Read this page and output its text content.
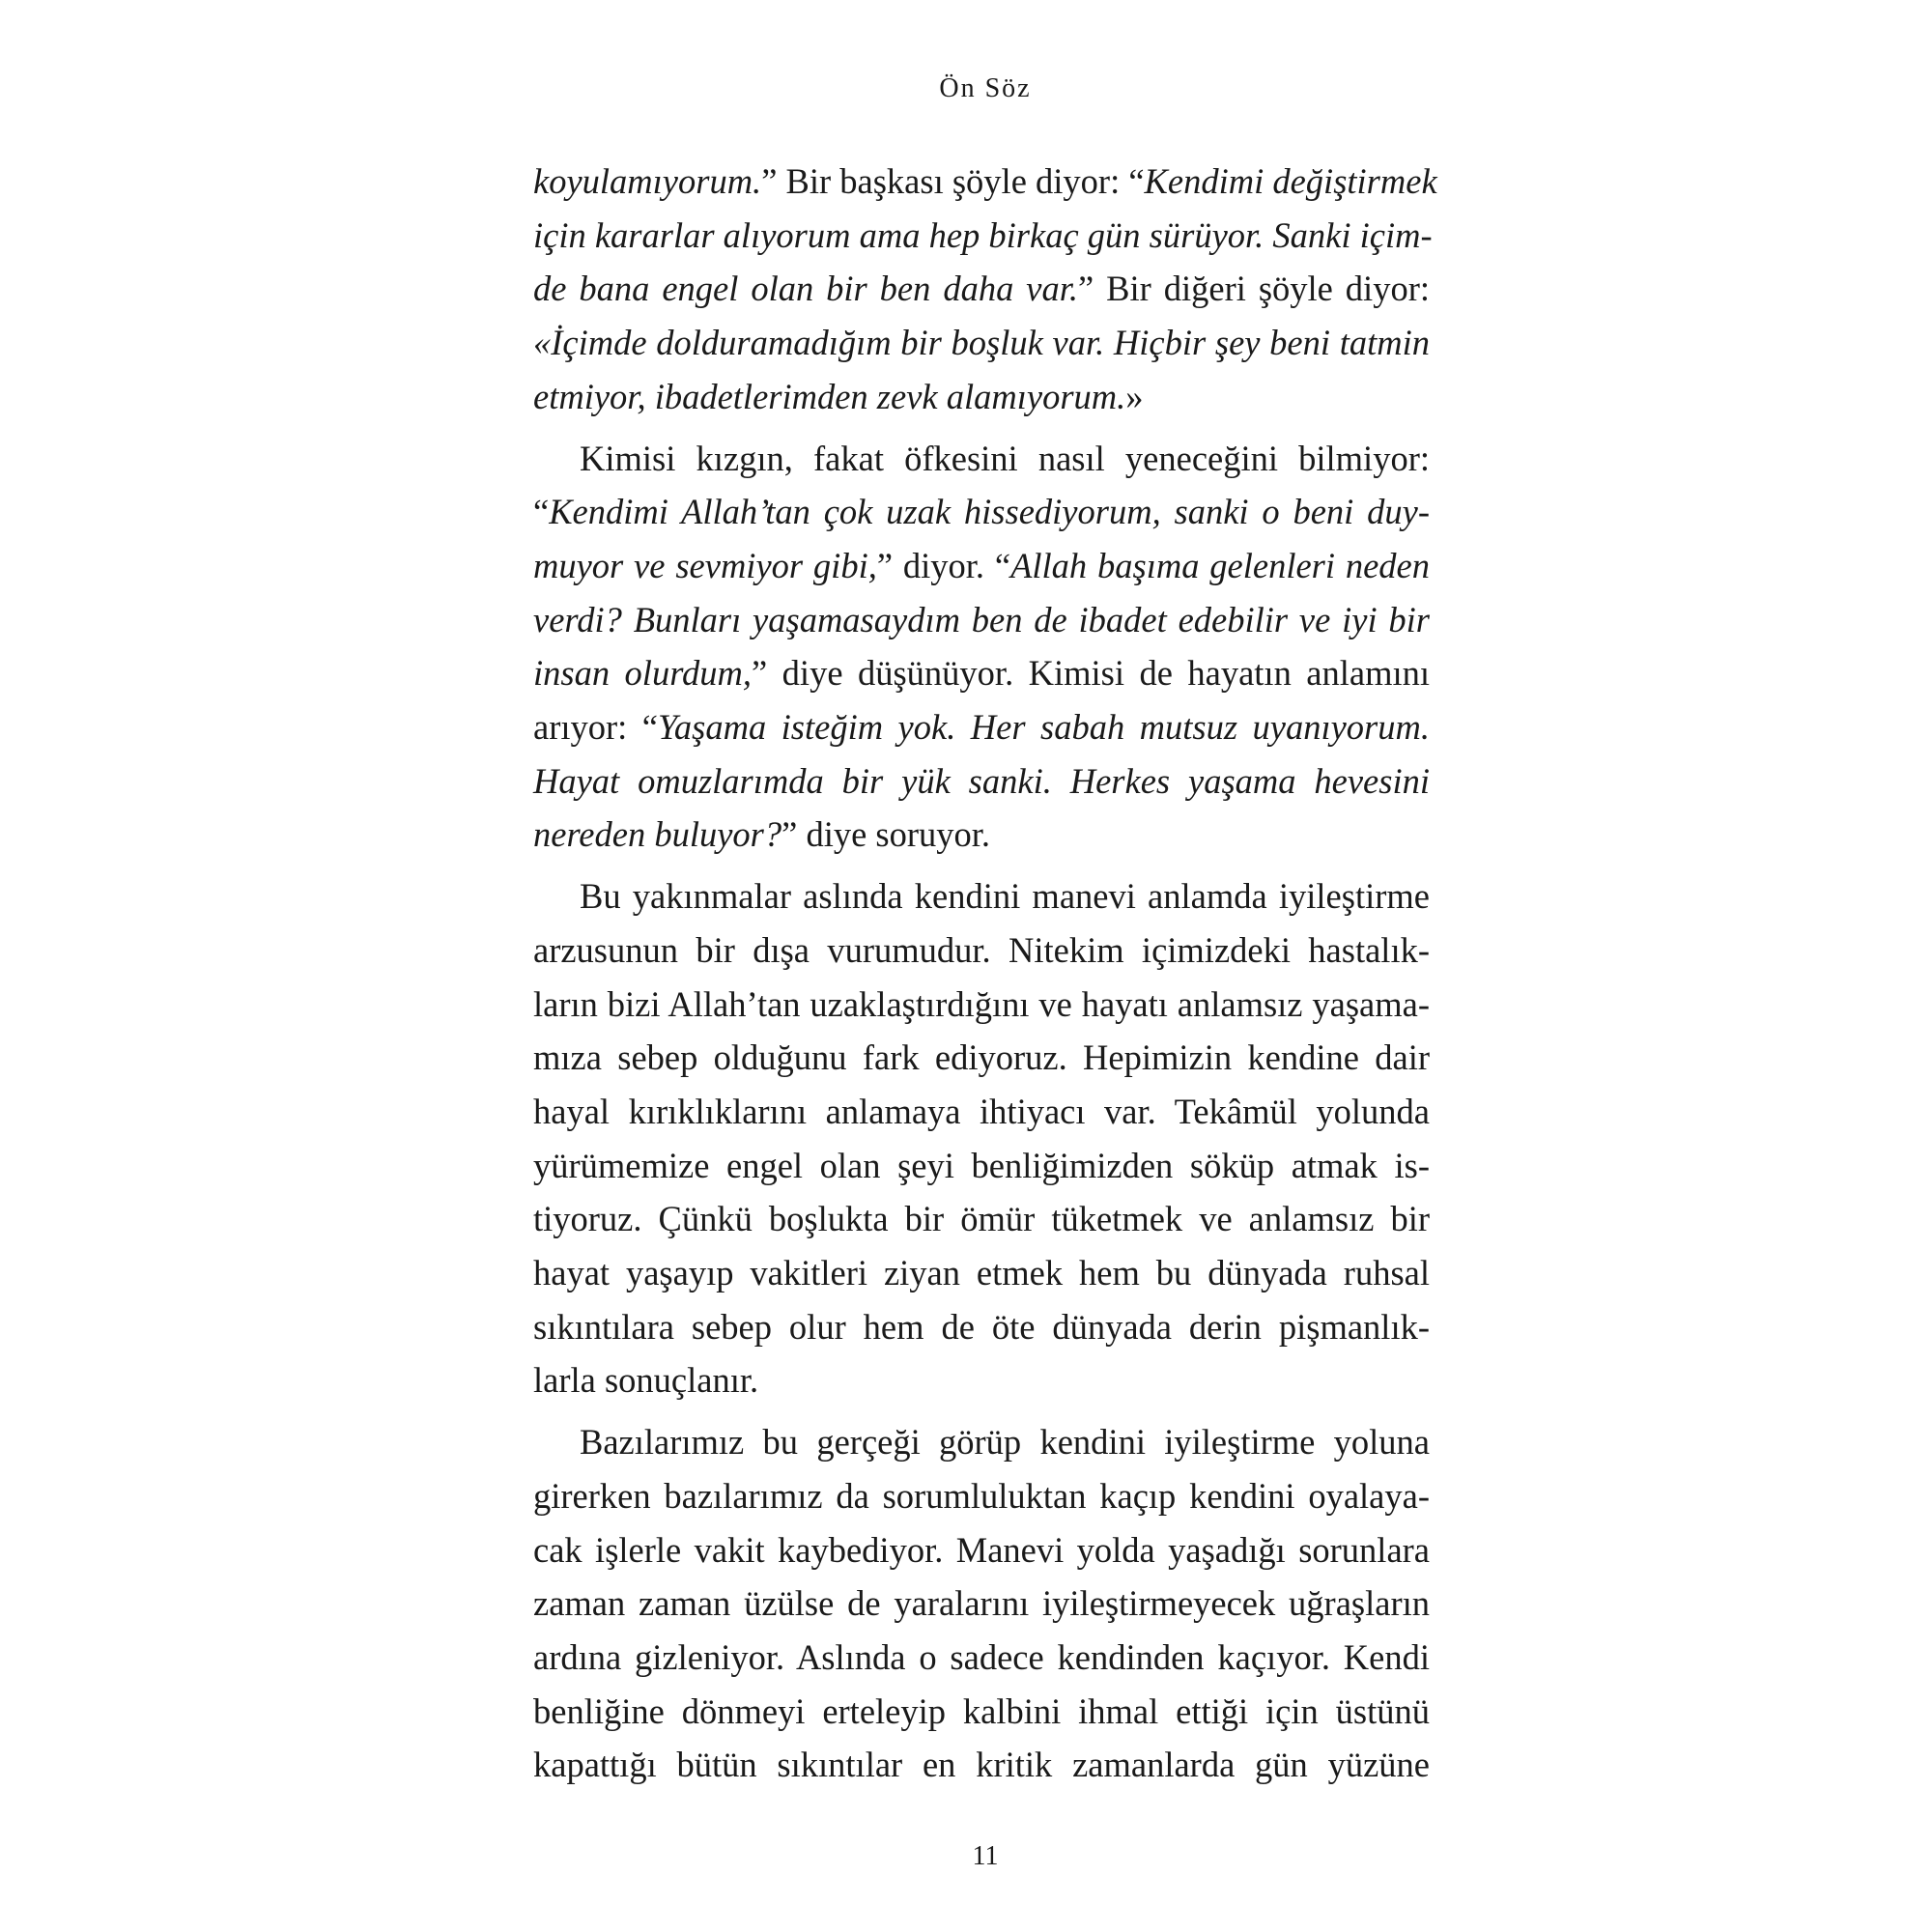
Ön Söz
koyulamıyorum.” Bir başkası şöyle diyor: “Kendimi değiştirmek
için kararlar alıyorum ama hep birkaç gün sürüyor. Sanki içim-
de bana engel olan bir ben daha var.” Bir diğeri şöyle diyor:
«İçimde dolduramadığım bir boşluk var. Hiçbir şey beni tatmin
etmiyor, ibadetlerimden zevk alamıyorum.»
Kimisi kızgın, fakat öfkesini nasıl yeneceğini bilmiyor:
“Kendimi Allah’tan çok uzak hissediyorum, sanki o beni duy-
muyor ve sevmiyor gibi,” diyor. “Allah başıma gelenleri neden
verdi? Bunları yaşamasaydım ben de ibadet edebilir ve iyi bir
insan olurdum,” diye düşünüyor. Kimisi de hayatın anlamını
arıyor: “Yaşama isteğim yok. Her sabah mutsuz uyanıyorum.
Hayat omuzlarımda bir yük sanki. Herkes yaşama hevesini
nereden buluyor?” diye soruyor.
Bu yakınmalar aslında kendini manevi anlamda iyileştirme
arzusunun bir dışa vurumudur. Nitekim içimizdeki hastalık-
ların bizi Allah’tan uzaklaştırdığını ve hayatı anlamsız yaşama-
mıza sebep olduğunu fark ediyoruz. Hepimizin kendine dair
hayal kırıklıklarını anlamaya ihtiyacı var. Tekâmül yolunda
yürümemize engel olan şeyi benliğimizden söküp atmak is-
tiyoruz. Çünkü boşlukta bir ömür tüketmek ve anlamsız bir
hayat yaşayıp vakitleri ziyan etmek hem bu dünyada ruhsal
sıkıntılara sebep olur hem de öte dünyada derin pişmanlık-
larla sonuçlanır.
Bazılarımız bu gerçeği görüp kendini iyileştirme yoluna
girerken bazılarımız da sorumluluktan kaçıp kendini oyalaya-
cak işlerle vakit kaybediyor. Manevi yolda yaşadığı sorunlara
zaman zaman üzülse de yaralarını iyileştirmeyecek uğraşların
ardına gizleniyor. Aslında o sadece kendinden kaçıyor. Kendi
benliğine dönmeyi erteleyip kalbini ihmal ettiği için üstünü
kapattığı bütün sıkıntılar en kritik zamanlarda gün yüzüne
11
